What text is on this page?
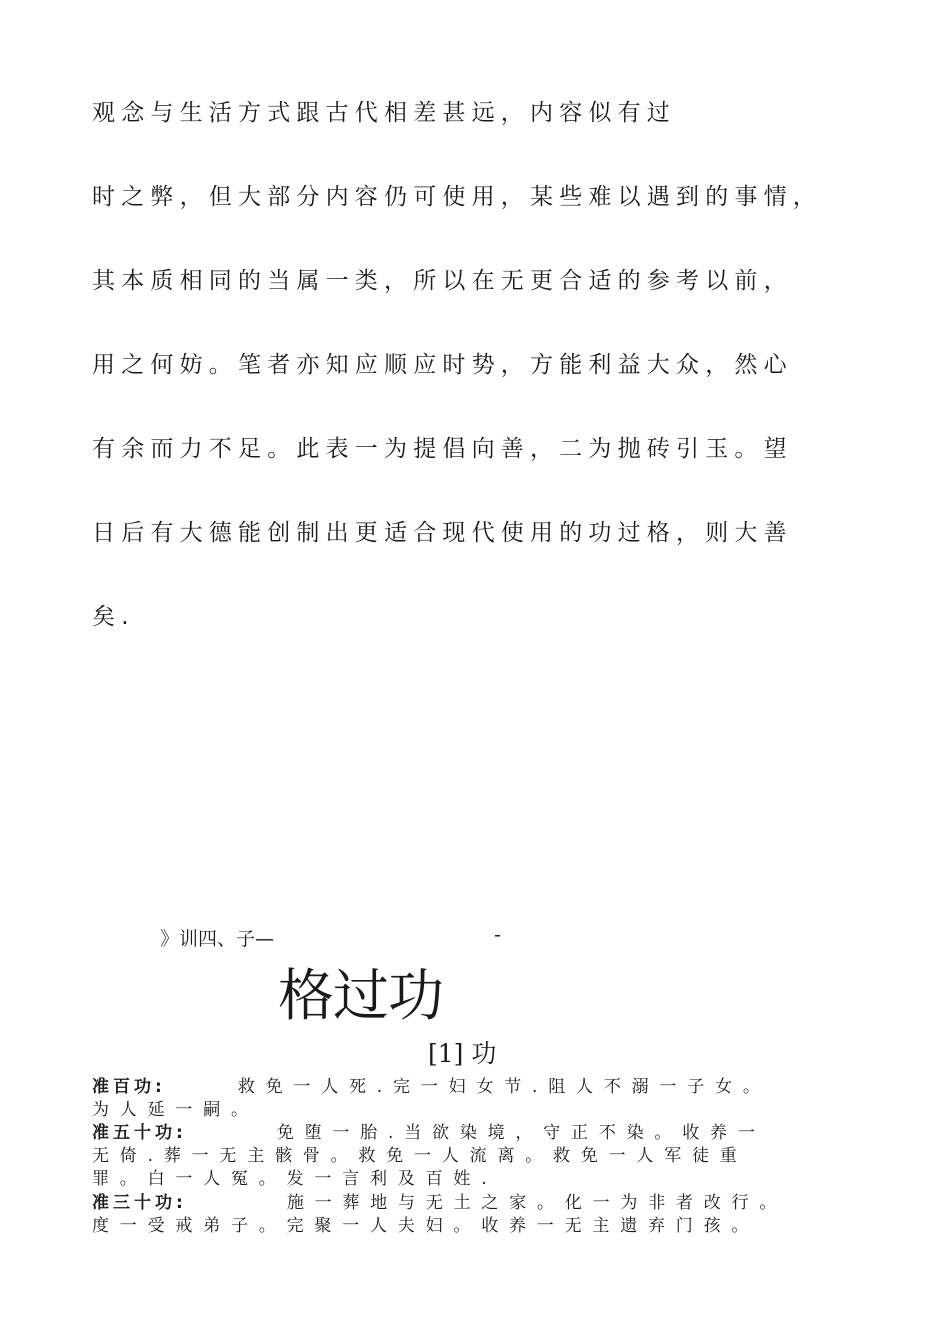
观念与生活方式跟古代相差甚远，内容似有过
时之弊，但大部分内容仍可使用，某些难以遇到的事情，
其本质相同的当属一类，所以在无更合适的参考以前，
用之何妨。笔者亦知应顺应时势，方能利益大众，然心
有余而力不足。此表一为提倡向善，二为抛砖引玉。望
日后有大德能创制出更适合现代使用的功过格，则大善
矣.
》训四、子—	-
格过功
[1] 功
准百功:	救免一人死.完一妇女节.阻人不溺一子女。
为人延一嗣。
准五十功:	免堕一胎.当欲染境，守正不染。收养一
无倚.葬一无主骸骨。救免一人流离。救免一人军徒重
罪。白一人冤。发一言利及百姓.
准三十功:	施一葬地与无土之家。化一为非者改行。
度一受戒弟子。完聚一人夫妇。收养一无主遗弃门孩。
